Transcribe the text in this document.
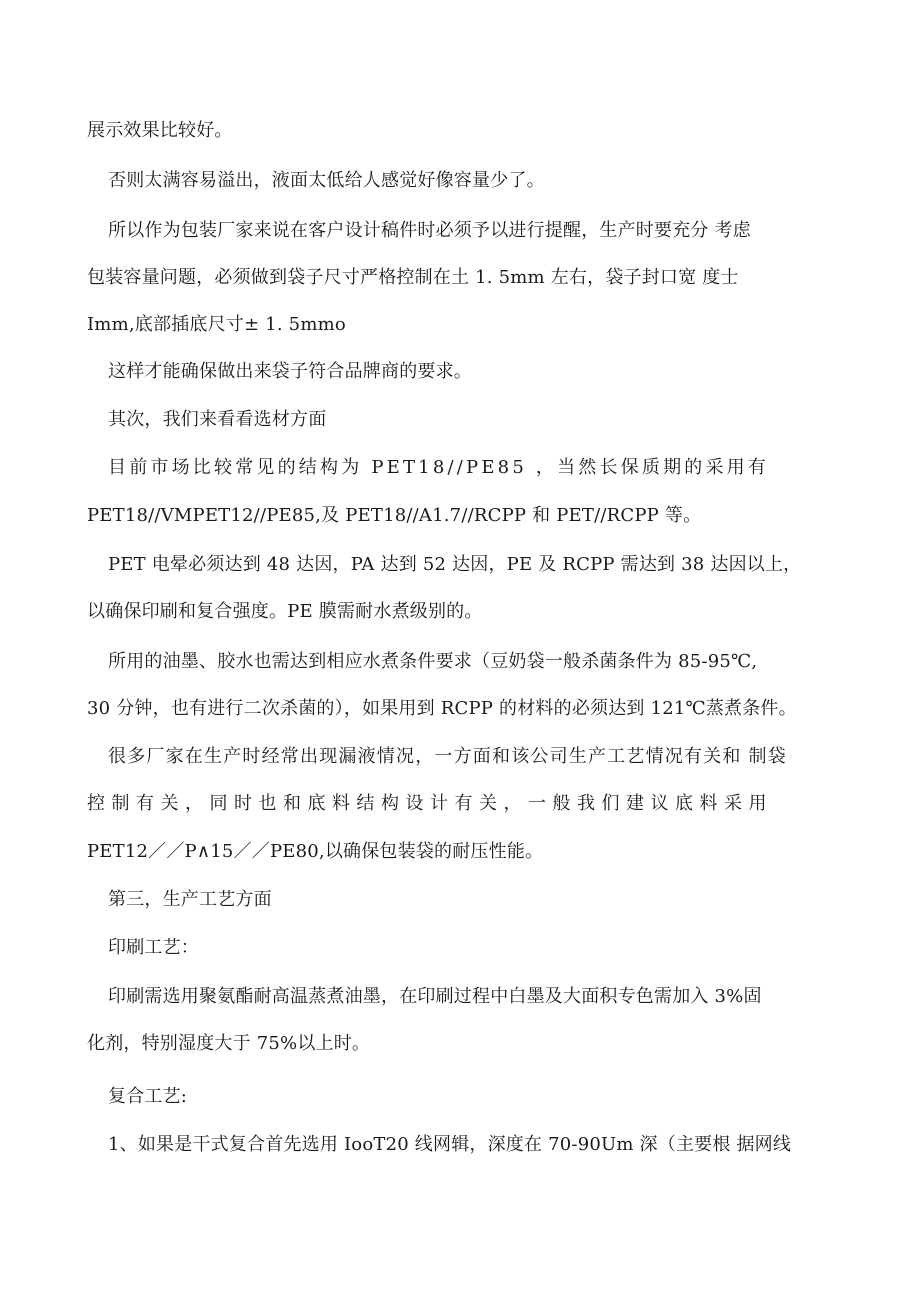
展示效果比较好。
否则太满容易溢出，液面太低给人感觉好像容量少了。
所以作为包装厂家来说在客户设计稿件时必须予以进行提醒，生产时要充分 考虑
包装容量问题，必须做到袋子尺寸严格控制在土 1. 5mm 左右，袋子封口宽 度士
Imm,底部插底尺寸± 1. 5mmo
这样才能确保做出来袋子符合品牌商的要求。
其次，我们来看看选材方面
目前市场比较常见的结构为 PET18//PE85 ，当然长保质期的采用有
PET18//VMPET12//PE85,及 PET18//A1.7//RCPP 和 PET//RCPP 等。
PET 电晕必须达到 48 达因，PA 达到 52 达因，PE 及 RCPP 需达到 38 达因以上，
以确保印刷和复合强度。PE 膜需耐水煮级别的。
所用的油墨、胶水也需达到相应水煮条件要求（豆奶袋一般杀菌条件为 85-95℃,
30 分钟，也有进行二次杀菌的），如果用到 RCPP 的材料的必须达到 121℃蒸煮条件。
很多厂家在生产时经常出现漏液情况，一方面和该公司生产工艺情况有关和 制袋
控制有关，同时也和底料结构设计有关，一般我们建议底料采用
PET12／／P∧15／／PE80,以确保包装袋的耐压性能。
第三，生产工艺方面
印刷工艺：
印刷需选用聚氨酯耐高温蒸煮油墨，在印刷过程中白墨及大面积专色需加入 3%固
化剂，特别湿度大于 75%以上时。
复合工艺:
1、如果是干式复合首先选用 IooT20 线网辑，深度在 70-90Um 深（主要根 据网线
